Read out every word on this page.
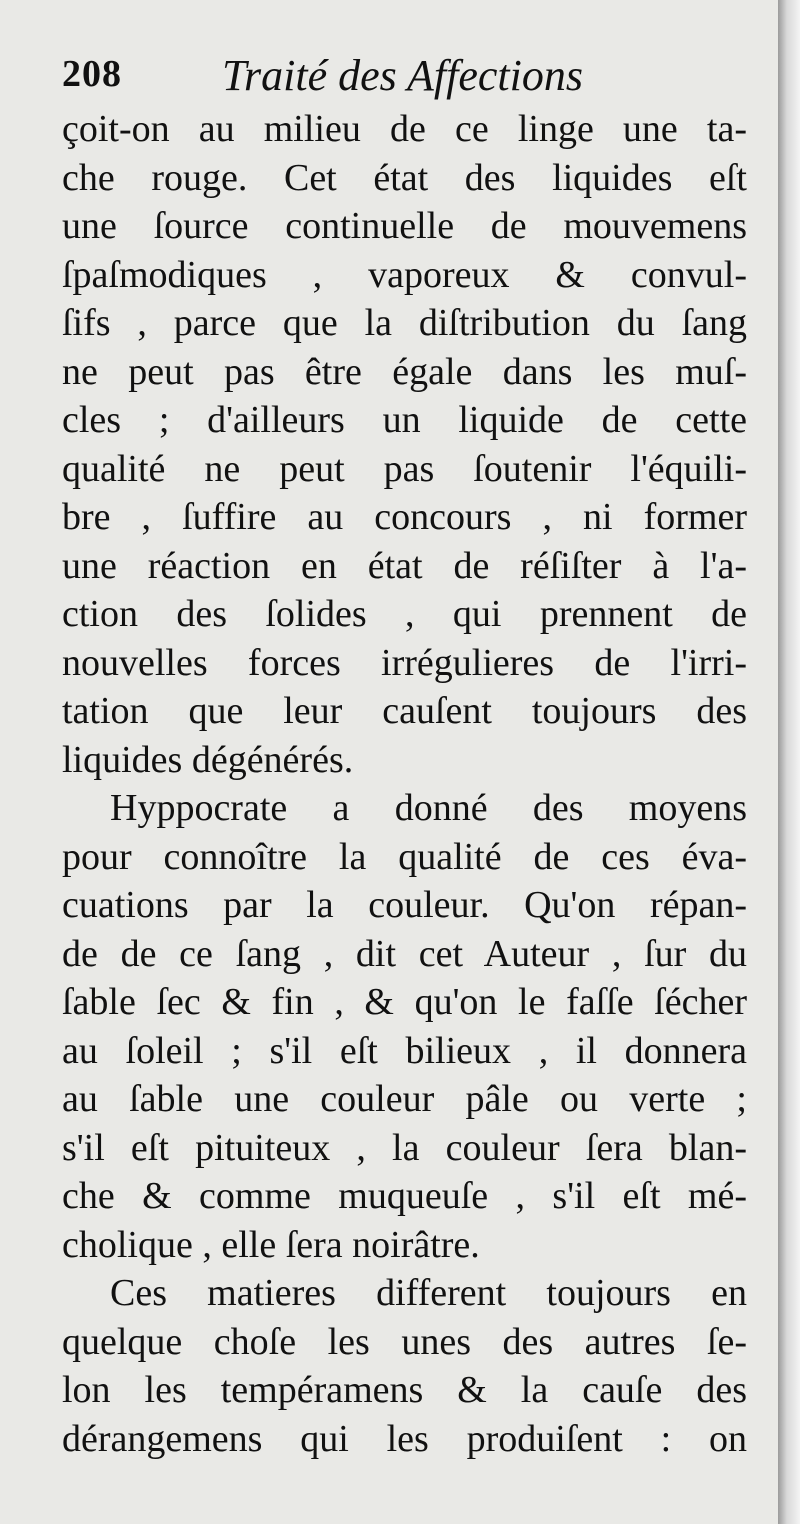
208 Traité des Affections
çoit-on au milieu de ce linge une ta-
che rouge. Cet état des liquides eſt
une ſource continuelle de mouvemens
ſpaſmodiques , vaporeux & convul-
ſifs , parce que la diſtribution du ſang
ne peut pas être égale dans les muſ-
cles ; d'ailleurs un liquide de cette
qualité ne peut pas ſoutenir l'équili-
bre , ſuffire au concours , ni former
une réaction en état de réſiſter à l'a-
ction des ſolides , qui prennent de
nouvelles forces irrégulieres de l'irri-
tation que leur cauſent toujours des
liquides dégénérés.
Hyppocrate a donné des moyens
pour connoître la qualité de ces éva-
cuations par la couleur. Qu'on répan-
de de ce ſang , dit cet Auteur , ſur du
ſable ſec & fin , & qu'on le faſſe ſécher
au ſoleil ; s'il eſt bilieux , il donnera
au ſable une couleur pâle ou verte ;
s'il eſt pituiteux , la couleur ſera blan-
che & comme muqueuſe , s'il eſt mé-
cholique , elle ſera noirâtre.
Ces matieres different toujours en
quelque choſe les unes des autres ſe-
lon les tempéramens & la cauſe des
dérangemens qui les produiſent : on
